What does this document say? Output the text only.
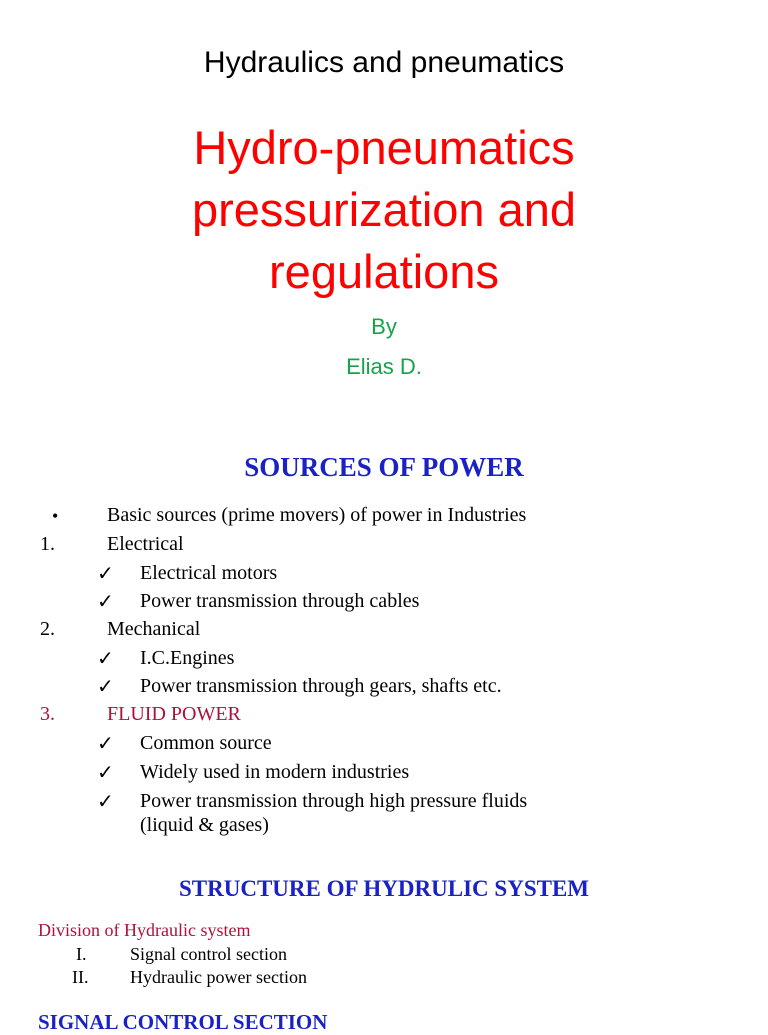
Hydraulics and pneumatics
Hydro-pneumatics
pressurization and
regulations
By
Elias D.
SOURCES OF POWER
• Basic sources (prime movers) of power in Industries
1.	Electrical
✓ Electrical motors
✓ Power transmission through cables
2.	Mechanical
✓ I.C.Engines
✓ Power transmission through gears, shafts etc.
3.	FLUID POWER
✓ Common source
✓ Widely used in modern industries
✓ Power transmission through high pressure fluids
(liquid & gases)
STRUCTURE OF HYDRULIC SYSTEM
Division of Hydraulic system
I. Signal control section
II. Hydraulic power section
SIGNAL CONTROL SECTION
